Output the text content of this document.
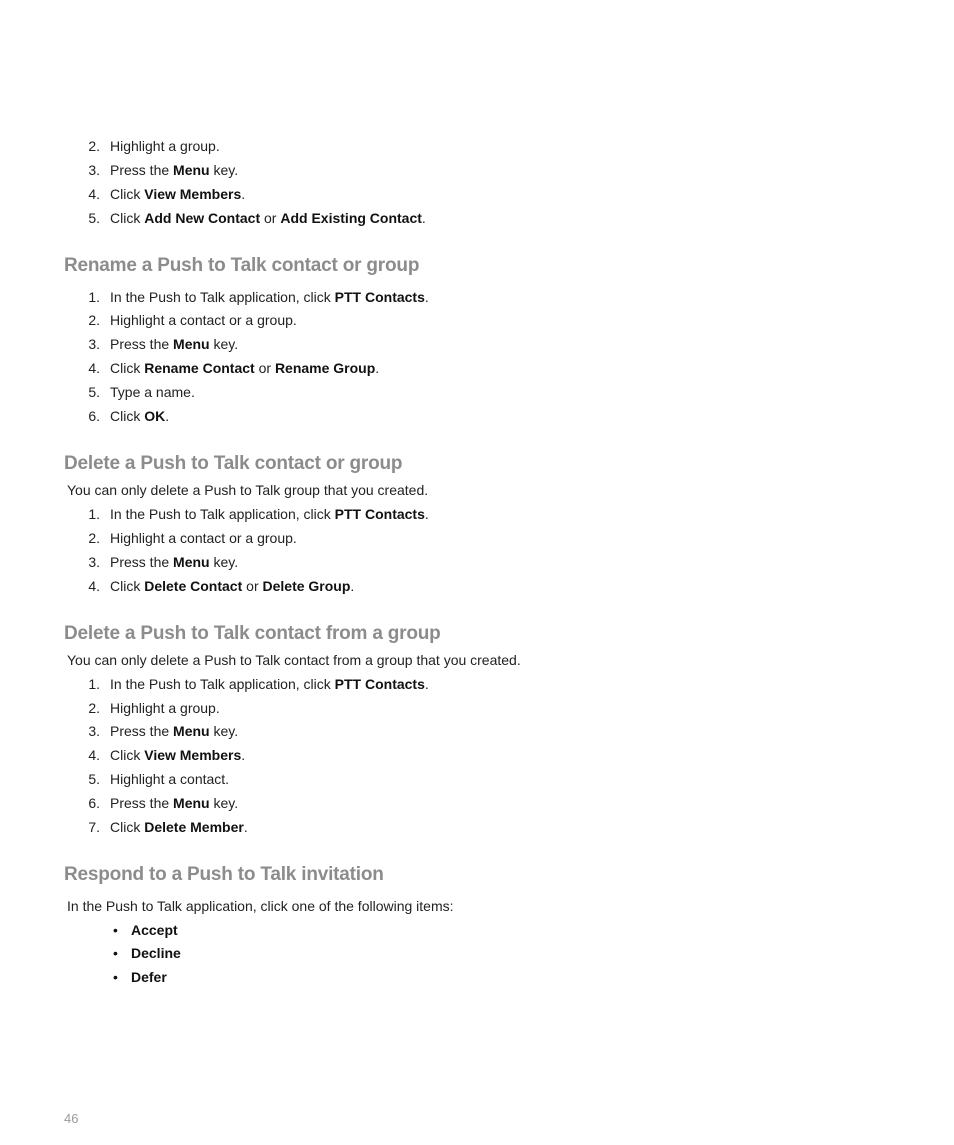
2. Highlight a group.
3. Press the Menu key.
4. Click View Members.
5. Click Add New Contact or Add Existing Contact.
Rename a Push to Talk contact or group
1. In the Push to Talk application, click PTT Contacts.
2. Highlight a contact or a group.
3. Press the Menu key.
4. Click Rename Contact or Rename Group.
5. Type a name.
6. Click OK.
Delete a Push to Talk contact or group
You can only delete a Push to Talk group that you created.
1. In the Push to Talk application, click PTT Contacts.
2. Highlight a contact or a group.
3. Press the Menu key.
4. Click Delete Contact or Delete Group.
Delete a Push to Talk contact from a group
You can only delete a Push to Talk contact from a group that you created.
1. In the Push to Talk application, click PTT Contacts.
2. Highlight a group.
3. Press the Menu key.
4. Click View Members.
5. Highlight a contact.
6. Press the Menu key.
7. Click Delete Member.
Respond to a Push to Talk invitation
In the Push to Talk application, click one of the following items:
• Accept
• Decline
• Defer
46
